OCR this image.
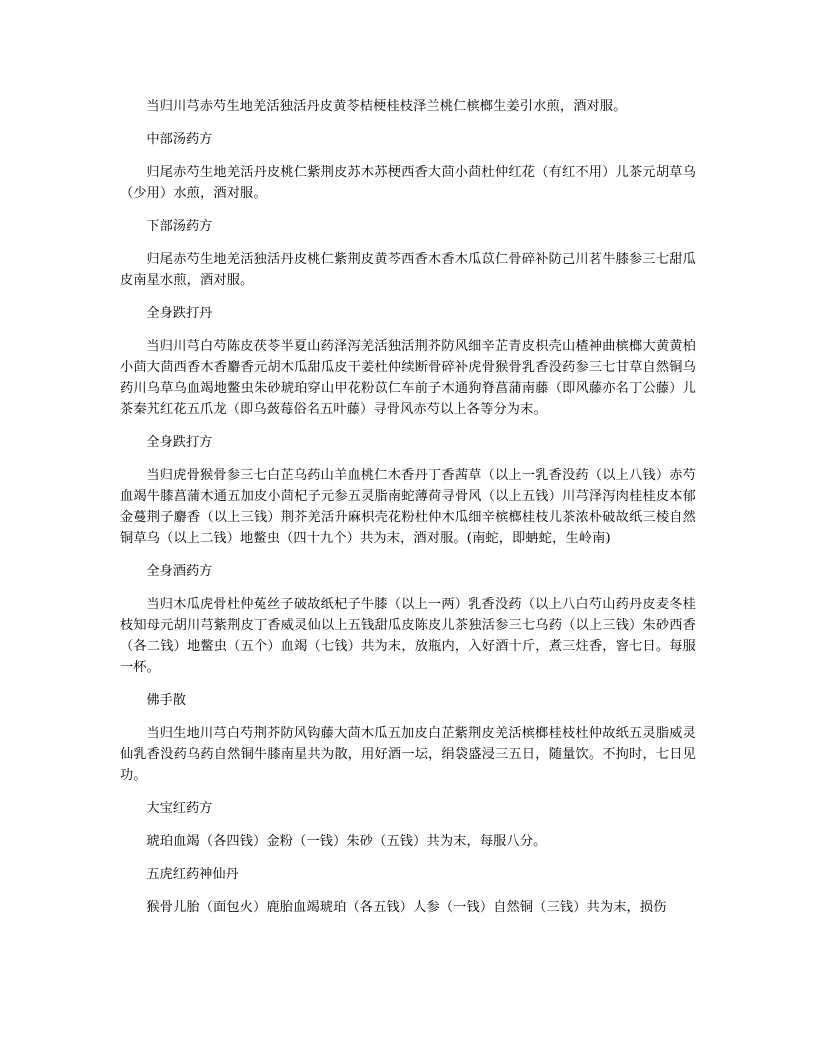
当归川芎赤芍生地羌活独活丹皮黄苓桔梗桂枝泽兰桃仁槟榔生姜引水煎，酒对服。

中部汤药方

归尾赤芍生地羌活丹皮桃仁紫荆皮苏木苏梗西香大茴小茴杜仲红花（有红不用）儿茶元胡草乌（少用）水煎，酒对服。

下部汤药方

归尾赤芍生地羌活独活丹皮桃仁紫荆皮黄芩西香木香木瓜苡仁骨碎补防己川茗牛膝参三七甜瓜皮南星水煎，酒对服。

全身跌打丹

当归川芎白芍陈皮茯苓半夏山药泽泻羌活独活荆芥防风细辛芷青皮枳壳山楂神曲槟榔大黄黄柏小茴大茴西香木香麝香元胡木瓜甜瓜皮干姜杜仲续断骨碎补虎骨猴骨乳香没药参三七甘草自然铜乌药川乌草乌血竭地鳖虫朱砂琥珀穿山甲花粉苡仁车前子木通狗脊菖蒲南藤（即风藤亦名丁公藤）儿茶秦艽红花五爪龙（即乌蔹莓俗名五叶藤）寻骨风赤芍以上各等分为末。

全身跌打方

当归虎骨猴骨参三七白芷乌药山羊血桃仁木香丹丁香茜草（以上一乳香没药（以上八钱）赤芍血竭牛膝菖蒲木通五加皮小茴杞子元参五灵脂南蛇薄荷寻骨风（以上五钱）川芎泽泻肉桂桂皮本郁金蔓荆子麝香（以上三钱）荆芥羌活升麻枳壳花粉杜仲木瓜细辛槟榔桂枝儿茶浓朴破故纸三棱自然铜草乌（以上二钱）地鳖虫（四十九个）共为末，酒对服。(南蛇，即蚺蛇，生岭南)

全身酒药方

当归木瓜虎骨杜仲菟丝子破故纸杞子牛膝（以上一两）乳香没药（以上八白芍山药丹皮麦冬桂枝知母元胡川芎紫荆皮丁香威灵仙以上五钱甜瓜皮陈皮儿茶独活参三七乌药（以上三钱）朱砂西香（各二钱）地鳖虫（五个）血竭（七钱）共为末，放瓶内，入好酒十斤，煮三炷香，窨七日。每服一杯。

佛手散

当归生地川芎白芍荆芥防风钩藤大茴木瓜五加皮白芷紫荆皮羌活槟榔桂枝杜仲故纸五灵脂威灵仙乳香没药乌药自然铜牛膝南星共为散，用好酒一坛，绢袋盛浸三五日，随量饮。不拘时，七日见功。

大宝红药方

琥珀血竭（各四钱）金粉（一钱）朱砂（五钱）共为末，每服八分。

五虎红药神仙丹

猴骨儿胎（面包火）鹿胎血竭琥珀（各五钱）人参（一钱）自然铜（三钱）共为末，损伤
